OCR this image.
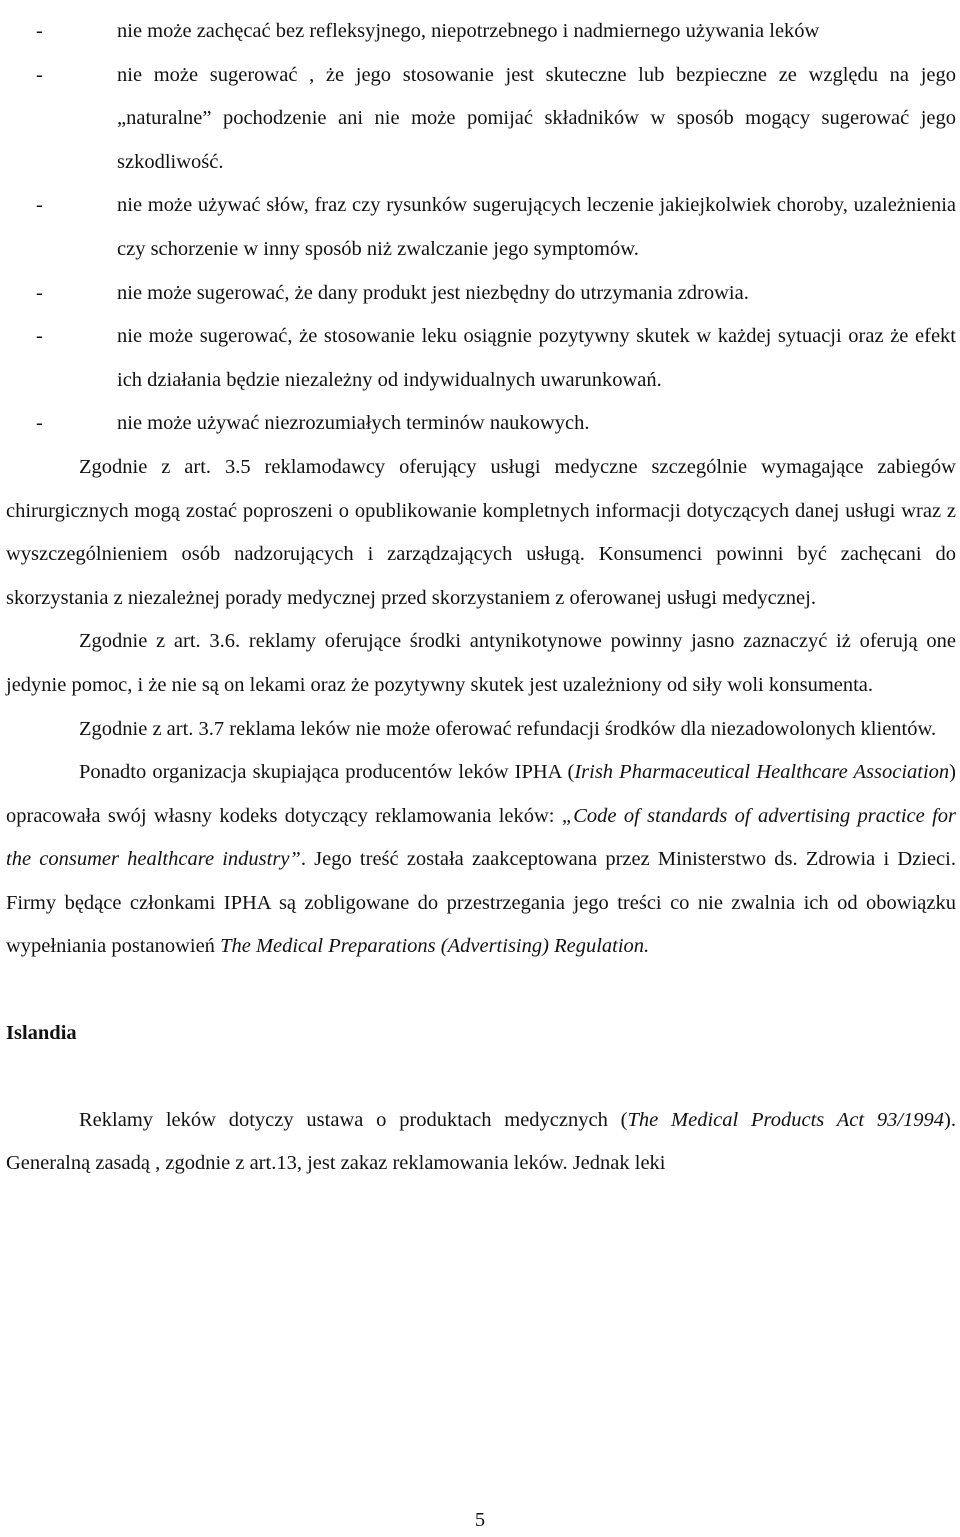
-	nie może zachęcać bez refleksyjnego, niepotrzebnego i nadmiernego używania leków
-	nie może sugerować , że jego stosowanie jest skuteczne lub bezpieczne ze względu na jego „naturalne” pochodzenie ani nie może pomijać składników w sposób mogący sugerować jego szkodliwość.
-	nie może używać słów, fraz czy rysunków sugerujących leczenie jakiejkolwiek choroby, uzależnienia czy schorzenie w inny sposób niż zwalczanie jego symptomów.
-	nie może sugerować, że dany produkt jest niezbędny do utrzymania zdrowia.
-	nie może sugerować, że stosowanie leku osiągnie pozytywny skutek w każdej sytuacji oraz że efekt ich działania będzie niezależny od indywidualnych uwarunkowań.
-	nie może używać niezrozumiałych terminów naukowych.

Zgodnie z art. 3.5 reklamodawcy oferujący usługi medyczne szczególnie wymagające zabiegów chirurgicznych mogą zostać poproszeni o opublikowanie kompletnych informacji dotyczących danej usługi wraz z wyszczególnieniem osób nadzorujących i zarządzających usługą. Konsumenci powinni być zachęcani do skorzystania z niezależnej porady medycznej przed skorzystaniem z oferowanej usługi medycznej.

Zgodnie z art. 3.6. reklamy oferujące środki antynikotynowe powinny jasno zaznaczyć iż oferują one jedynie pomoc, i że nie są on lekami oraz że pozytywny skutek jest uzależniony od siły woli konsumenta.

Zgodnie z art. 3.7 reklama leków nie może oferować refundacji środków dla niezadowolonych klientów.

Ponadto organizacja skupiająca producentów leków IPHA (Irish Pharmaceutical Healthcare Association) opracowała swój własny kodeks dotyczący reklamowania leków: „Code of standards of advertising practice for the consumer healthcare industry”. Jego treść została zaakceptowana przez Ministerstwo ds. Zdrowia i Dzieci. Firmy będące członkami IPHA są zobligowane do przestrzegania jego treści co nie zwalnia ich od obowiązku wypełniania postanowień The Medical Preparations (Advertising) Regulation.

Islandia

Reklamy leków dotyczy ustawa o produktach medycznych (The Medical Products Act 93/1994). Generalną zasadą , zgodnie z art.13, jest zakaz reklamowania leków. Jednak leki

5
